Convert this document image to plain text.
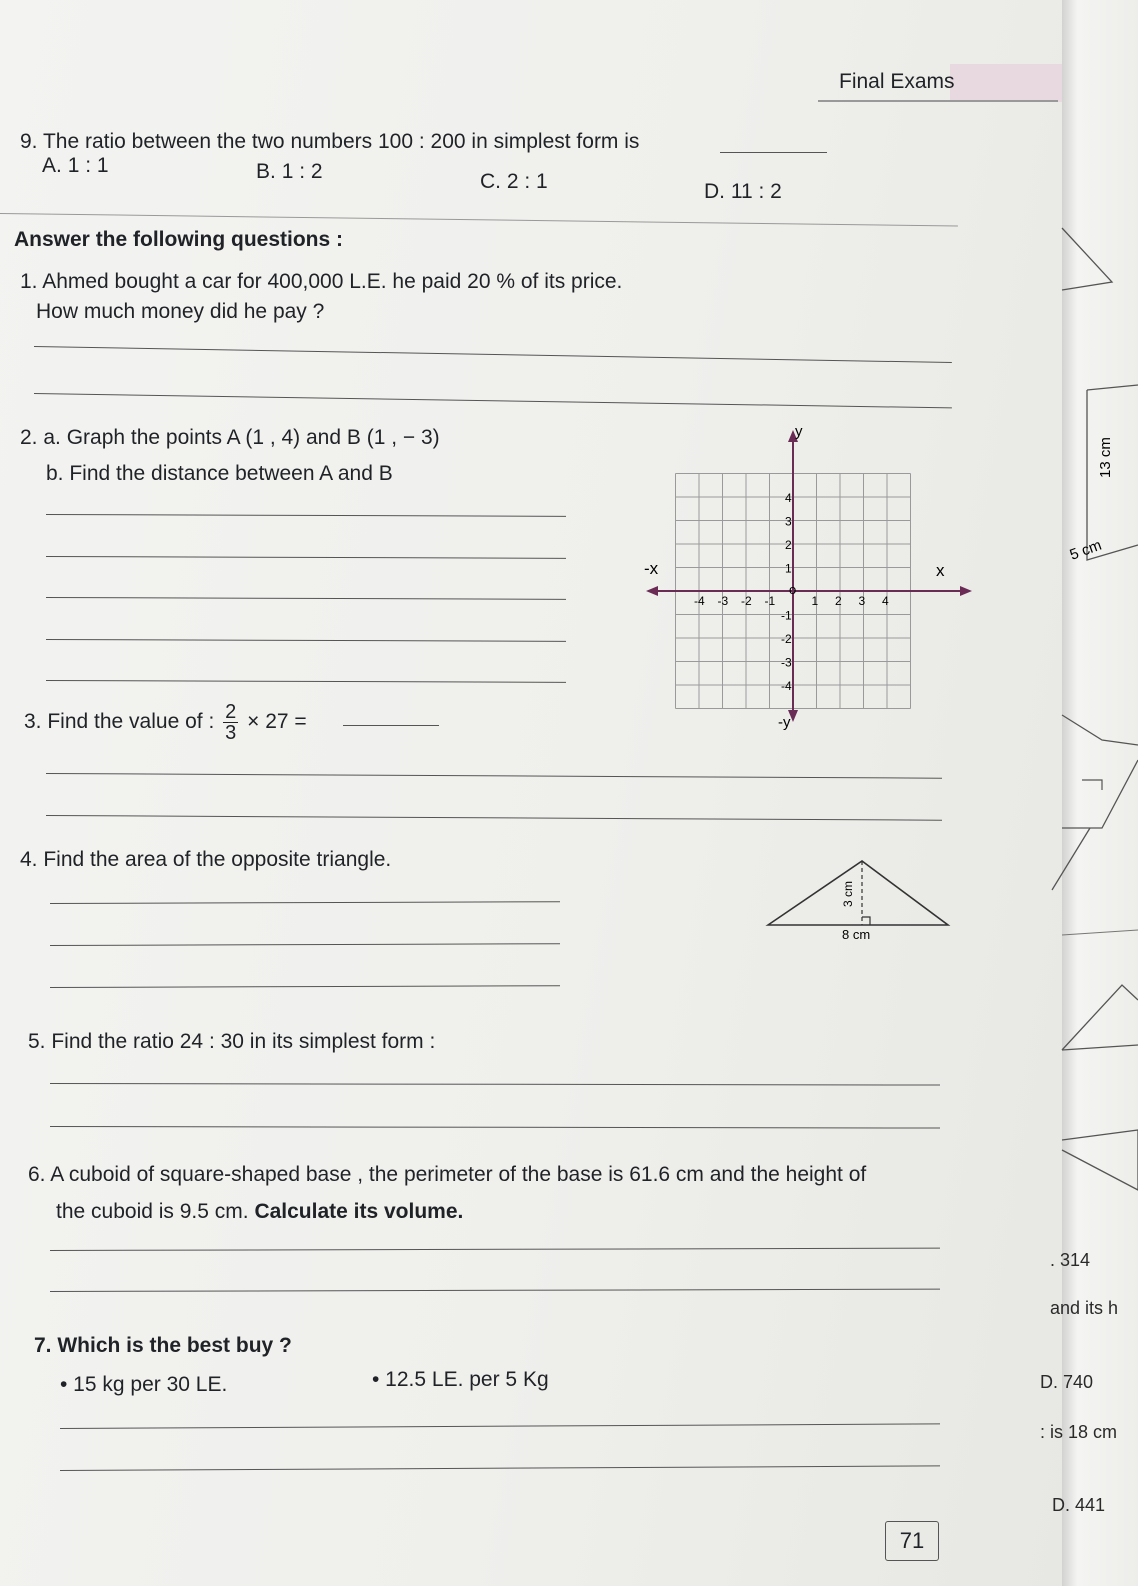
Final Exams
9. The ratio between the two numbers 100 : 200 in simplest form is
A. 1 : 1	B. 1 : 2	C. 2 : 1	D. 11 : 2
Answer the following questions :
1. Ahmed bought a car for 400,000 L.E. he paid 20 % of its price.
How much money did he pay ?
2. a. Graph the points A (1 , 4) and B (1 , − 3)
b. Find the distance between A and B
y
-y
x
-x
o
-4 -3 -2 -1	1 2 3 4
4
3
2
1
-1
-2
-3
-4
3. Find the value of : $\frac{2}{3} \times 27$ =
4. Find the area of the opposite triangle.
3 cm
8 cm
5. Find the ratio 24 : 30 in its simplest form :
6. A cuboid of square-shaped base , the perimeter of the base is 61.6 cm and the height of
the cuboid is 9.5 cm. Calculate its volume.
7. Which is the best buy ?
• 15 kg per 30 LE.	• 12.5 LE. per 5 Kg
71
13 cm
5 cm
. 314
and its h
D. 740
: is 18 cm
D. 441
